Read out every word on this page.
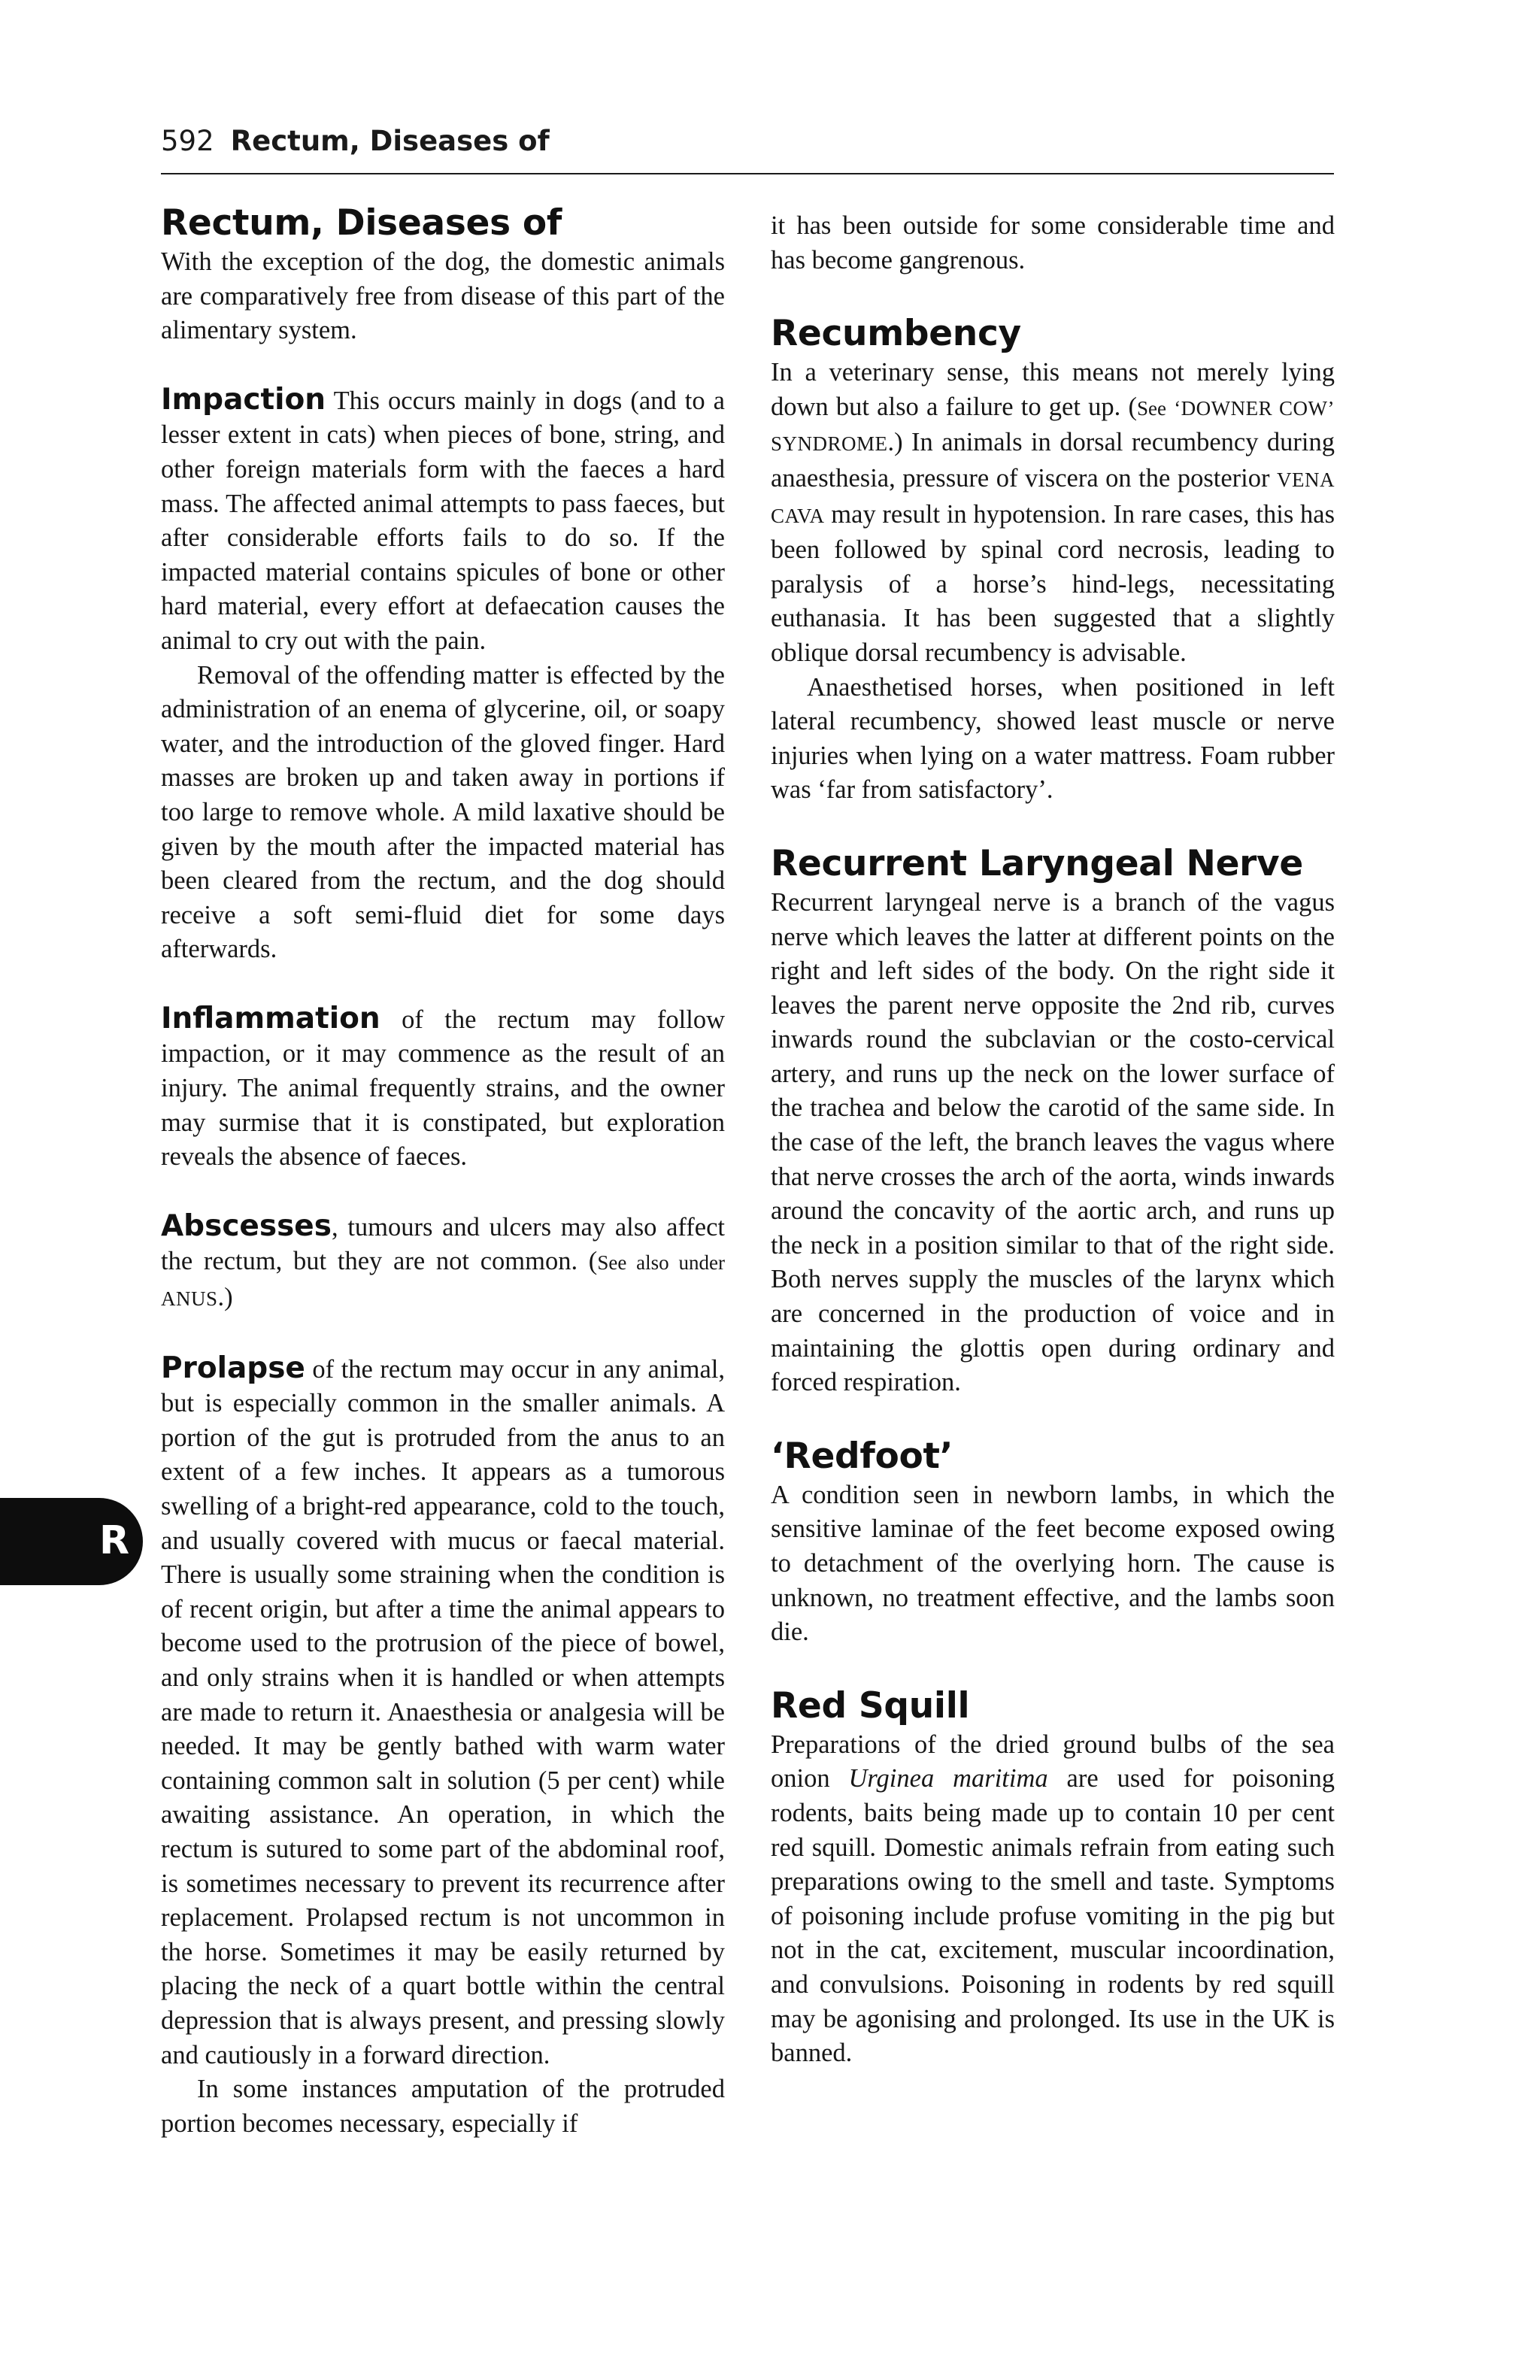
592 Rectum, Diseases of
Rectum, Diseases of

With the exception of the dog, the domestic animals are comparatively free from disease of this part of the alimentary system.

Impaction This occurs mainly in dogs (and to a lesser extent in cats) when pieces of bone, string, and other foreign materials form with the faeces a hard mass. The affected animal attempts to pass faeces, but after considerable efforts fails to do so. If the impacted material contains spicules of bone or other hard material, every effort at defaecation causes the animal to cry out with the pain.

Removal of the offending matter is effected by the administration of an enema of glycerine, oil, or soapy water, and the introduction of the gloved finger. Hard masses are broken up and taken away in portions if too large to remove whole. A mild laxative should be given by the mouth after the impacted material has been cleared from the rectum, and the dog should receive a soft semi-fluid diet for some days afterwards.

Inflammation of the rectum may follow impaction, or it may commence as the result of an injury. The animal frequently strains, and the owner may surmise that it is constipated, but exploration reveals the absence of faeces.

Abscesses, tumours and ulcers may also affect the rectum, but they are not common. (See also under ANUS.)

Prolapse of the rectum may occur in any animal, but is especially common in the smaller animals. A portion of the gut is protruded from the anus to an extent of a few inches. It appears as a tumorous swelling of a bright-red appearance, cold to the touch, and usually covered with mucus or faecal material. There is usually some straining when the condition is of recent origin, but after a time the animal appears to become used to the protrusion of the piece of bowel, and only strains when it is handled or when attempts are made to return it. Anaesthesia or analgesia will be needed. It may be gently bathed with warm water containing common salt in solution (5 per cent) while awaiting assistance. An operation, in which the rectum is sutured to some part of the abdominal roof, is sometimes necessary to prevent its recurrence after replacement. Prolapsed rectum is not uncommon in the horse. Sometimes it may be easily returned by placing the neck of a quart bottle within the central depression that is always present, and pressing slowly and cautiously in a forward direction.

In some instances amputation of the protruded portion becomes necessary, especially if

it has been outside for some considerable time and has become gangrenous.

Recumbency

In a veterinary sense, this means not merely lying down but also a failure to get up. (See ‘DOWNER COW’ SYNDROME.) In animals in dorsal recumbency during anaesthesia, pressure of viscera on the posterior VENA CAVA may result in hypotension. In rare cases, this has been followed by spinal cord necrosis, leading to paralysis of a horse’s hind-legs, necessitating euthanasia. It has been suggested that a slightly oblique dorsal recumbency is advisable.

Anaesthetised horses, when positioned in left lateral recumbency, showed least muscle or nerve injuries when lying on a water mattress. Foam rubber was ‘far from satisfactory’.

Recurrent Laryngeal Nerve

Recurrent laryngeal nerve is a branch of the vagus nerve which leaves the latter at different points on the right and left sides of the body. On the right side it leaves the parent nerve opposite the 2nd rib, curves inwards round the subclavian or the costo-cervical artery, and runs up the neck on the lower surface of the trachea and below the carotid of the same side. In the case of the left, the branch leaves the vagus where that nerve crosses the arch of the aorta, winds inwards around the concavity of the aortic arch, and runs up the neck in a position similar to that of the right side. Both nerves supply the muscles of the larynx which are concerned in the production of voice and in maintaining the glottis open during ordinary and forced respiration.

‘Redfoot’

A condition seen in newborn lambs, in which the sensitive laminae of the feet become exposed owing to detachment of the overlying horn. The cause is unknown, no treatment effective, and the lambs soon die.

Red Squill

Preparations of the dried ground bulbs of the sea onion Urginea maritima are used for poisoning rodents, baits being made up to contain 10 per cent red squill. Domestic animals refrain from eating such preparations owing to the smell and taste. Symptoms of poisoning include profuse vomiting in the pig but not in the cat, excitement, muscular incoordination, and convulsions. Poisoning in rodents by red squill may be agonising and prolonged. Its use in the UK is banned.

R
